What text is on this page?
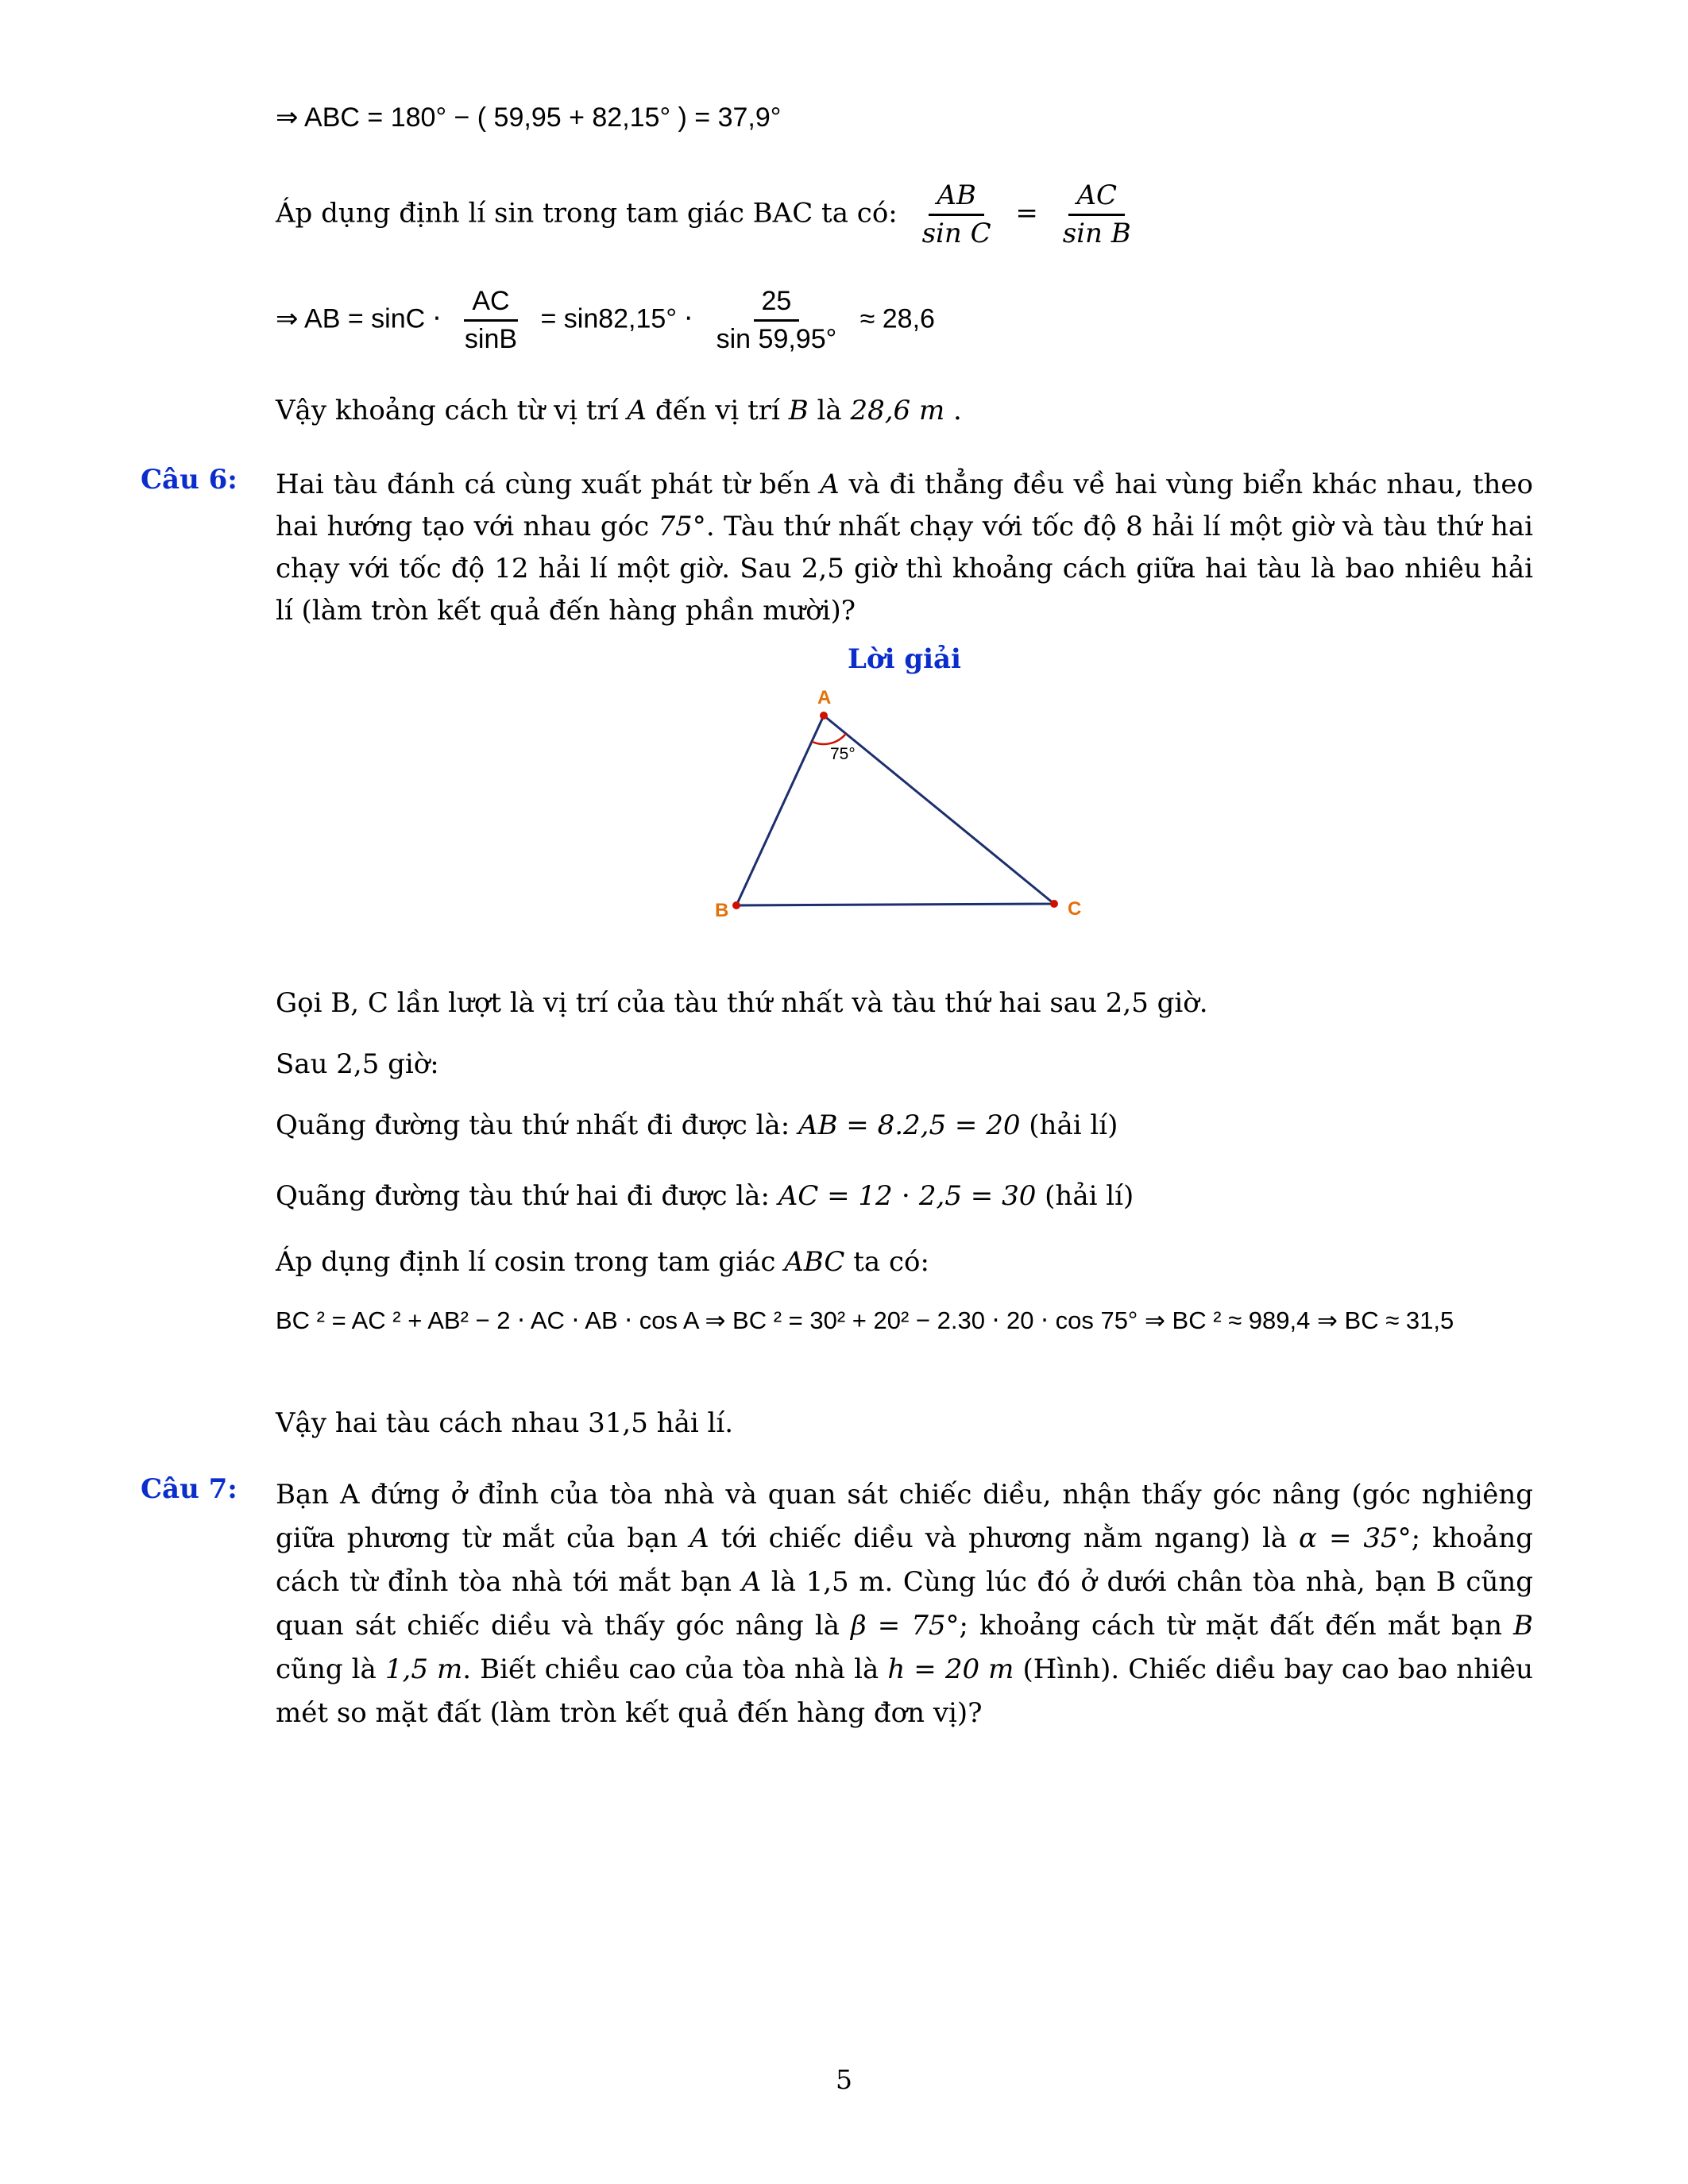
⇒ ABC = 180° − ( 59,95 + 82,15° ) = 37,9°
Áp dụng định lí sin trong tam giác BAC ta có: $\frac{AB}{\text{sin C}} = \frac{AC}{\text{sin B}}$
⇒ AB = $\sin C \cdot \frac{AC}{\sin B} = \sin 82,15^\circ \cdot \frac{25}{\sin 59,95^\circ} \approx 28,6$

Vậy khoảng cách từ vị trí A đến vị trí B là 28,6 m .

Câu 6:	Hai tàu đánh cá cùng xuất phát từ bến A và đi thẳng đều về hai vùng biển khác nhau, theo hai hướng tạo với nhau góc 75°. Tàu thứ nhất chạy với tốc độ 8 hải lí một giờ và tàu thứ hai chạy với tốc độ 12 hải lí một giờ. Sau 2,5 giờ thì khoảng cách giữa hai tàu là bao nhiêu hải lí (làm tròn kết quả đến hàng phần mười)?
Lời giải
A
B	C
75°

Gọi B, C lần lượt là vị trí của tàu thứ nhất và tàu thứ hai sau 2,5 giờ.

Sau 2,5 giờ:

Quãng đường tàu thứ nhất đi được là: AB = 8.2,5 = 20 (hải lí)

Quãng đường tàu thứ hai đi được là: AC = 12 ⋅ 2,5 = 30 (hải lí)

Áp dụng định lí cosin trong tam giác ABC ta có:

BC ² = AC ² + AB² − 2 ⋅ AC ⋅ AB ⋅ cos A ⇒ BC ² = 30² + 20² − 2.30 ⋅ 20 ⋅ cos 75° ⇒ BC ² ≈ 989,4 ⇒ BC ≈ 31,5

Vậy hai tàu cách nhau 31,5 hải lí.

Câu 7:	Bạn A đứng ở đỉnh của tòa nhà và quan sát chiếc diều, nhận thấy góc nâng (góc nghiêng giữa phương từ mắt của bạn A tới chiếc diều và phương nằm ngang) là α = 35°; khoảng cách từ đỉnh tòa nhà tới mắt bạn A là 1,5 m. Cùng lúc đó ở dưới chân tòa nhà, bạn B cũng quan sát chiếc diều và thấy góc nâng là β = 75°; khoảng cách từ mặt đất đến mắt bạn B cũng là 1,5 m. Biết chiều cao của tòa nhà là h = 20 m (Hình). Chiếc diều bay cao bao nhiêu mét so mặt đất (làm tròn kết quả đến hàng đơn vị)?
5
